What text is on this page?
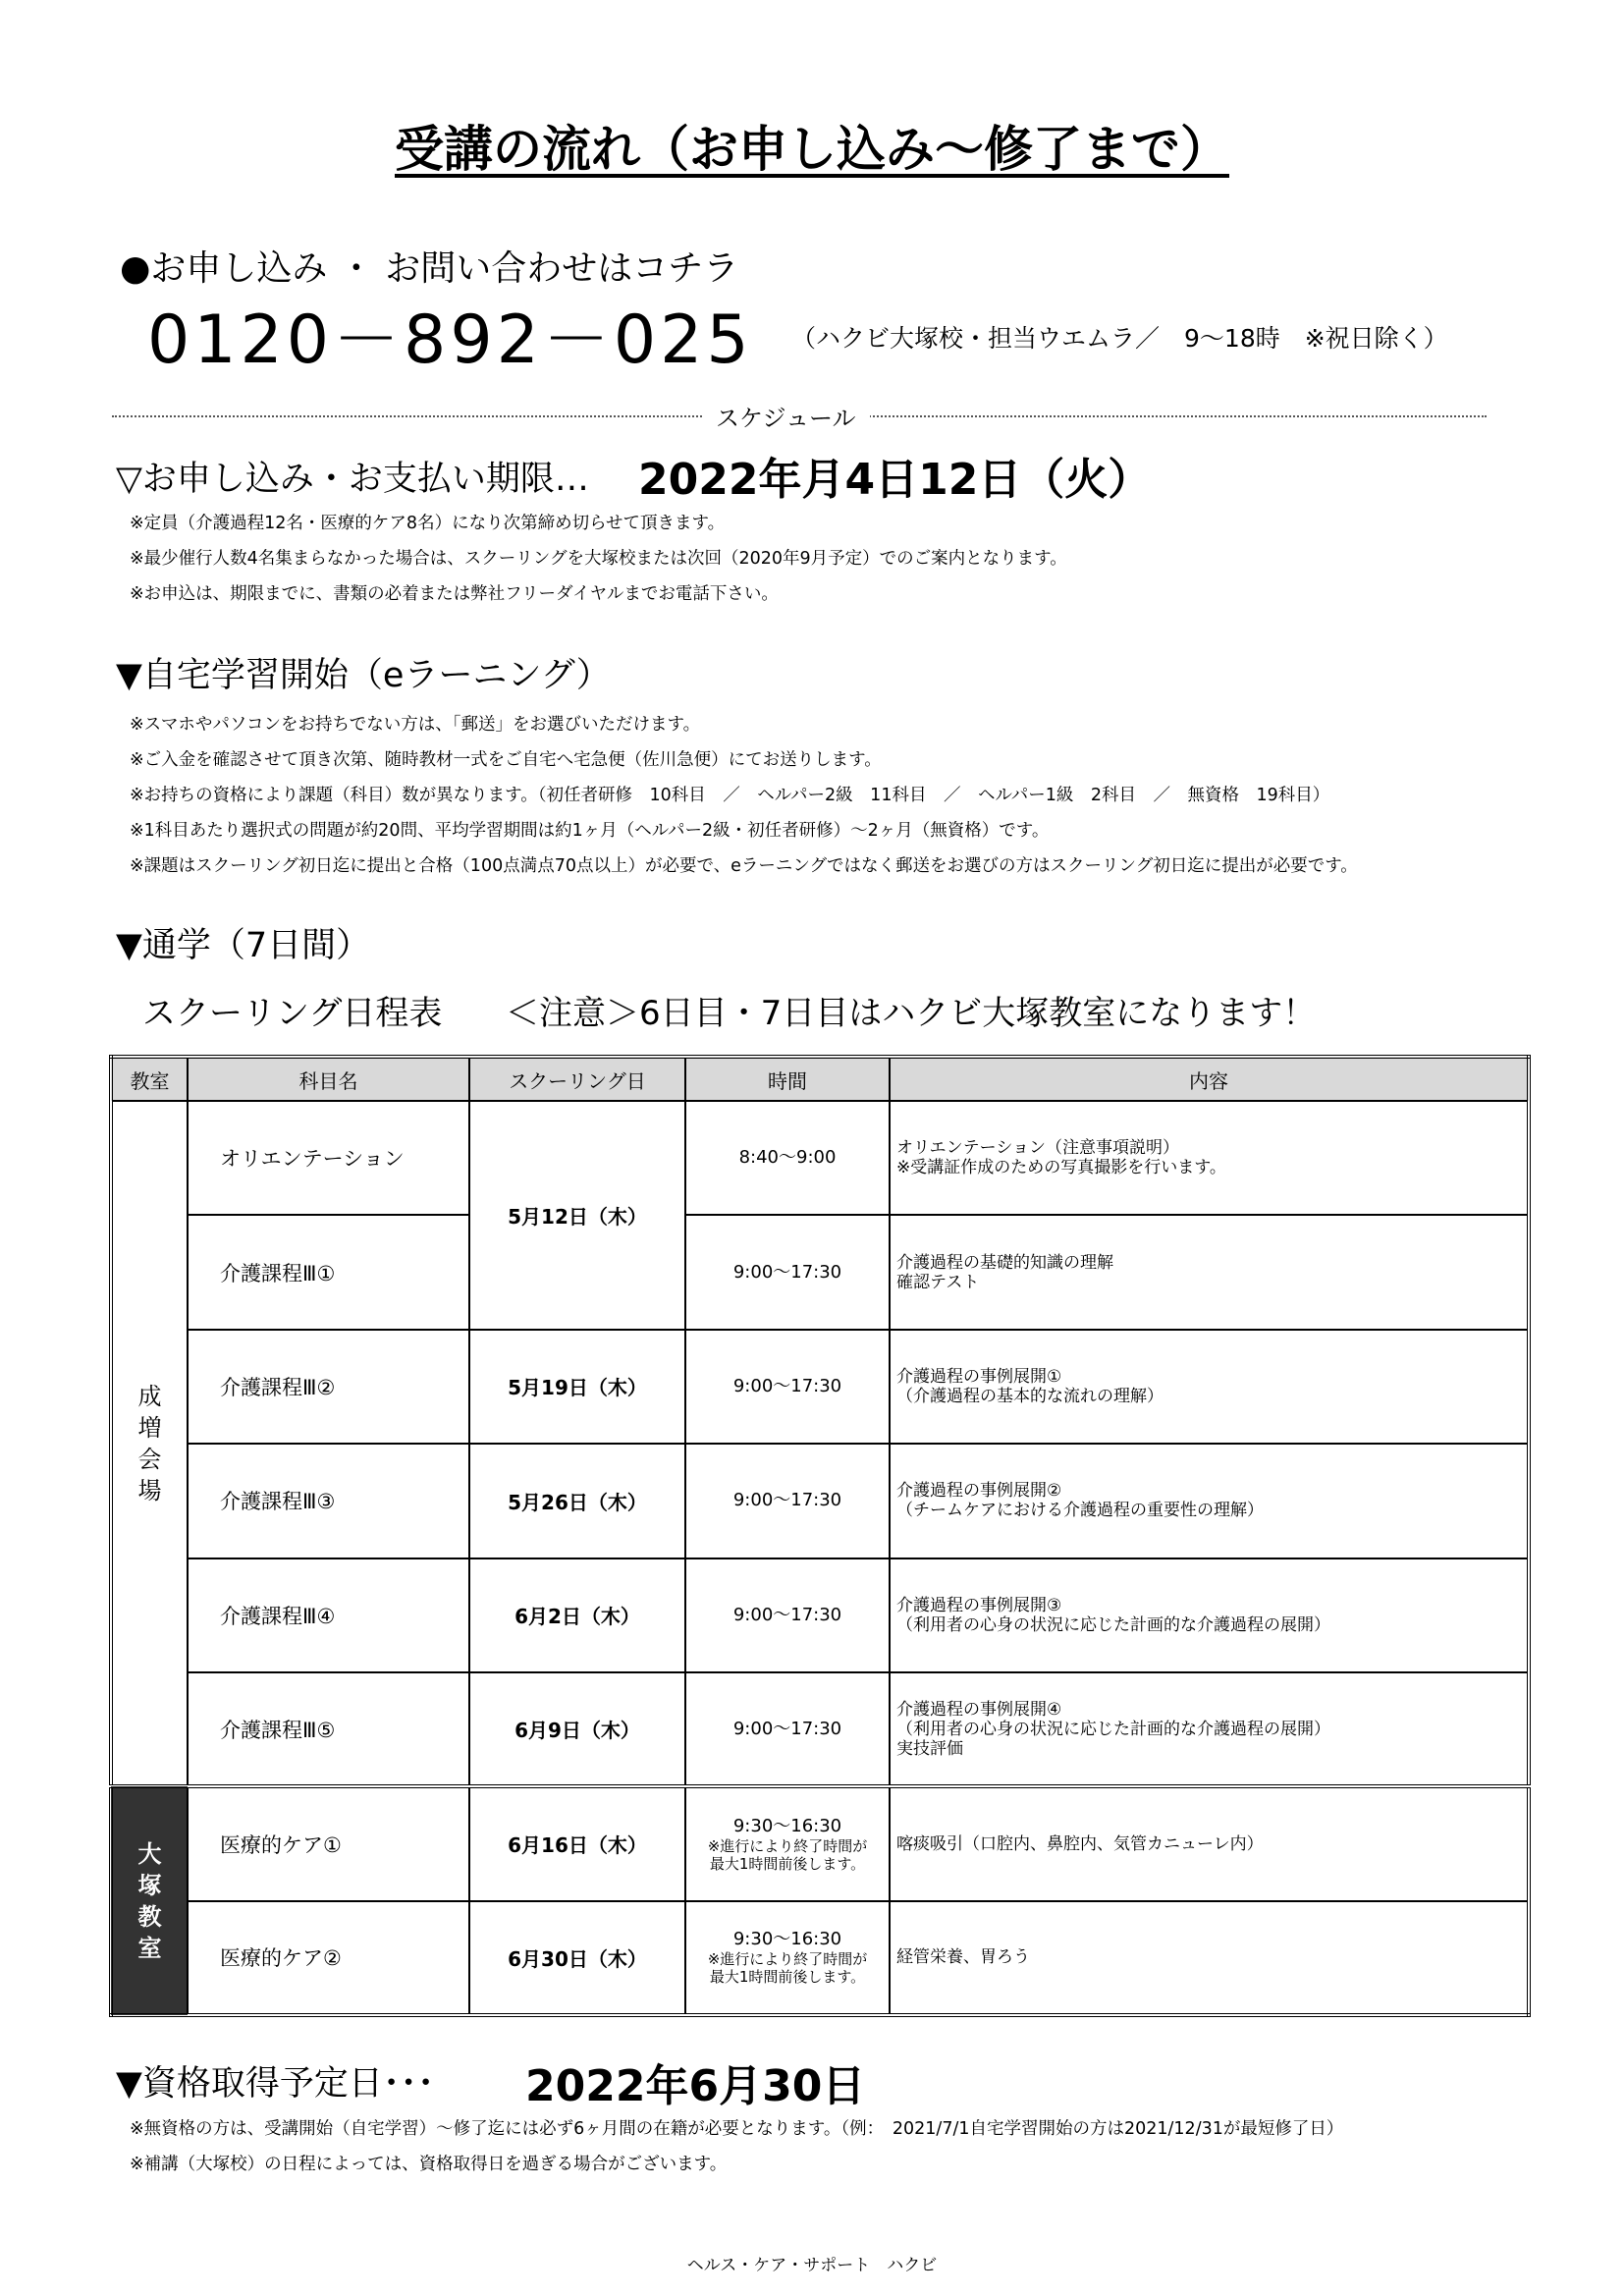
受講の流れ（お申し込み～修了まで）
●お申し込み ・ お問い合わせはコチラ
0120－892－025 （ハクビ大塚校・担当ウエムラ／　9～18時　※祝日除く）
スケジュール
▽お申し込み・お支払い期限… 2022年月4日12日（火）
※定員（介護過程12名・医療的ケア8名）になり次第締め切らせて頂きます。
※最少催行人数4名集まらなかった場合は、スクーリングを大塚校または次回（2020年9月予定）でのご案内となります。
※お申込は、期限までに、書類の必着または弊社フリーダイヤルまでお電話下さい。
▼自宅学習開始（eラーニング）
※スマホやパソコンをお持ちでない方は、「郵送」をお選びいただけます。
※ご入金を確認させて頂き次第、随時教材一式をご自宅へ宅急便（佐川急便）にてお送りします。
※お持ちの資格により課題（科目）数が異なります。（初任者研修　10科目　／　ヘルパー2級　11科目　／　ヘルパー1級　2科目　／　無資格　19科目）
※1科目あたり選択式の問題が約20問、平均学習期間は約1ヶ月（ヘルパー2級・初任者研修）～2ヶ月（無資格）です。
※課題はスクーリング初日迄に提出と合格（100点満点70点以上）が必要で、eラーニングではなく郵送をお選びの方はスクーリング初日迄に提出が必要です。
▼通学（7日間）
スクーリング日程表 ＜注意＞6日目・7日目はハクビ大塚教室になります！
教室	科目名	スクーリング日	時間	内容

成増会場	オリエンテーション	5月12日（木）	8:40～9:00	オリエンテーション（注意事項説明）
※受講証作成のための写真撮影を行います。

	介護課程Ⅲ①		9:00～17:30	介護過程の基礎的知識の理解
確認テスト

	介護課程Ⅲ②	5月19日（木）	9:00～17:30	介護過程の事例展開①
（介護過程の基本的な流れの理解）

	介護課程Ⅲ③	5月26日（木）	9:00～17:30	介護過程の事例展開②
（チームケアにおける介護過程の重要性の理解）

	介護課程Ⅲ④	6月2日（木）	9:00～17:30	介護過程の事例展開③
（利用者の心身の状況に応じた計画的な介護過程の展開）

	介護課程Ⅲ⑤	6月9日（木）	9:00～17:30	介護過程の事例展開④
（利用者の心身の状況に応じた計画的な介護過程の展開）
実技評価

大塚教室	医療的ケア①	6月16日（木）	9:30～16:30
※進行により終了時間が
最大1時間前後します。	喀痰吸引（口腔内、鼻腔内、気管カニューレ内）
	医療的ケア②	6月30日（木）	9:30～16:30
※進行により終了時間が
最大1時間前後します。	経管栄養、胃ろう
▼資格取得予定日･･･ 2022年6月30日
※無資格の方は、受講開始（自宅学習）～修了迄には必ず6ヶ月間の在籍が必要となります。（例：　2021/7/1自宅学習開始の方は2021/12/31が最短修了日）
※補講（大塚校）の日程によっては、資格取得日を過ぎる場合がございます。
ヘルス・ケア・サポート　ハクビ
